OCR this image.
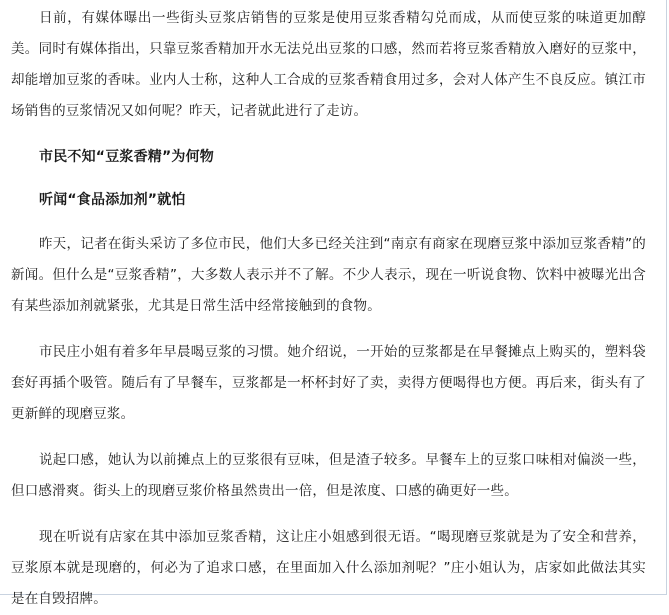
日前，有媒体曝出一些街头豆浆店销售的豆浆是使用豆浆香精勾兑而成，从而使豆浆的味道更加醇美。同时有媒体指出，只靠豆浆香精加开水无法兑出豆浆的口感，然而若将豆浆香精放入磨好的豆浆中，却能增加豆浆的香味。业内人士称，这种人工合成的豆浆香精食用过多，会对人体产生不良反应。镇江市场销售的豆浆情况又如何呢？昨天，记者就此进行了走访。

市民不知“豆浆香精”为何物

听闻“食品添加剂”就怕

昨天，记者在街头采访了多位市民，他们大多已经关注到“南京有商家在现磨豆浆中添加豆浆香精”的新闻。但什么是“豆浆香精”，大多数人表示并不了解。不少人表示，现在一听说食物、饮料中被曝光出含有某些添加剂就紧张，尤其是日常生活中经常接触到的食物。

市民庄小姐有着多年早晨喝豆浆的习惯。她介绍说，一开始的豆浆都是在早餐摊点上购买的，塑料袋套好再插个吸管。随后有了早餐车，豆浆都是一杯杯封好了卖，卖得方便喝得也方便。再后来，街头有了更新鲜的现磨豆浆。

说起口感，她认为以前摊点上的豆浆很有豆味，但是渣子较多。早餐车上的豆浆口味相对偏淡一些，但口感滑爽。街头上的现磨豆浆价格虽然贵出一倍，但是浓度、口感的确更好一些。

现在听说有店家在其中添加豆浆香精，这让庄小姐感到很无语。“喝现磨豆浆就是为了安全和营养，豆浆原本就是现磨的，何必为了追求口感，在里面加入什么添加剂呢？”庄小姐认为，店家如此做法其实是在自毁招牌。
